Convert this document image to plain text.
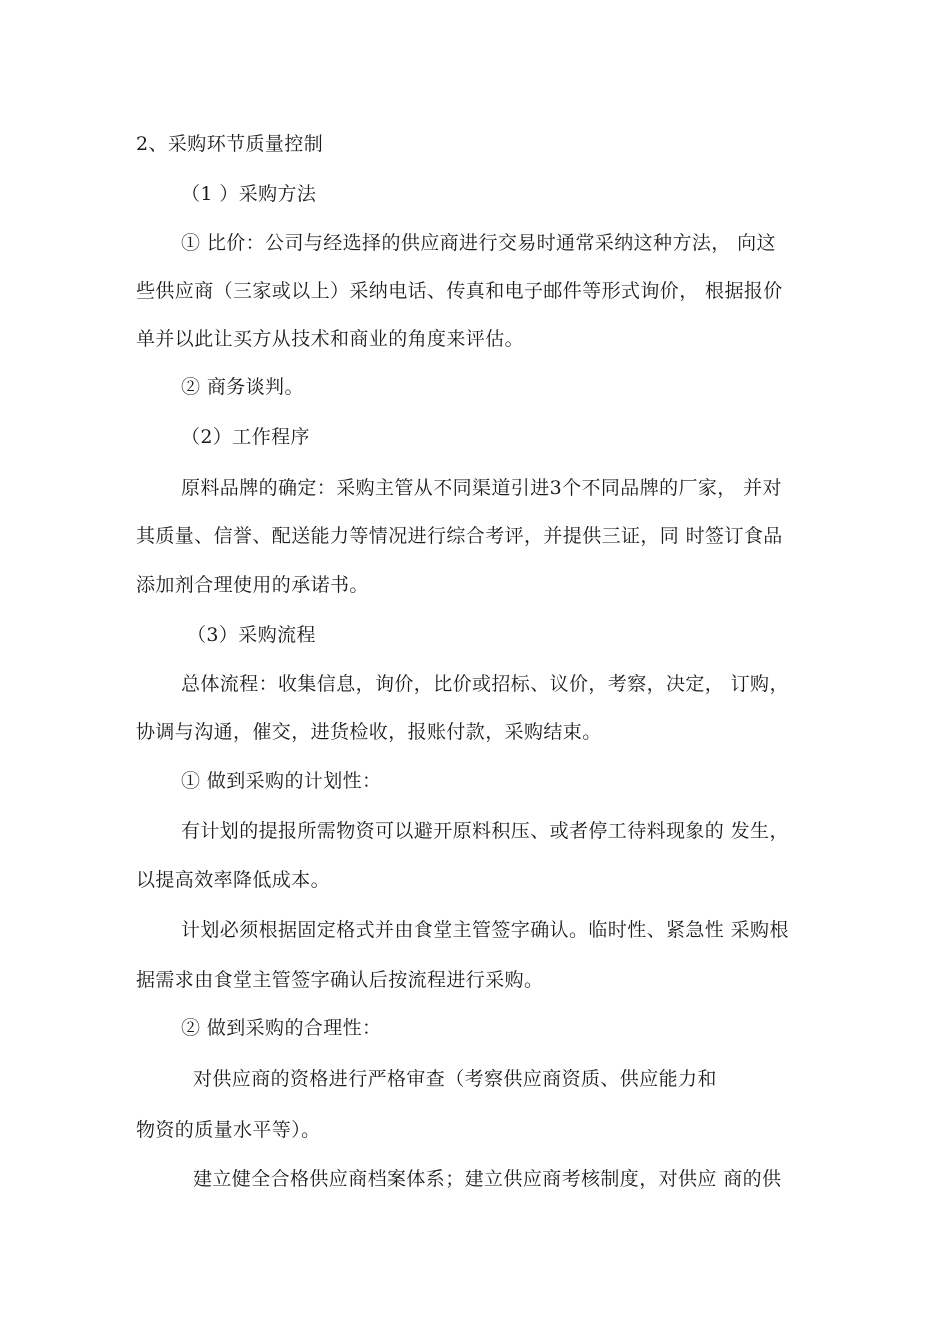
2、采购环节质量控制
（1 ）采购方法
① 比价：公司与经选择的供应商进行交易时通常采纳这种方法， 向这
些供应商（三家或以上）采纳电话、传真和电子邮件等形式询价， 根据报价
单并以此让买方从技术和商业的角度来评估。
② 商务谈判。
（2）工作程序
原料品牌的确定：采购主管从不同渠道引进3个不同品牌的厂家， 并对
其质量、信誉、配送能力等情况进行综合考评，并提供三证，同 时签订食品
添加剂合理使用的承诺书。
（3）采购流程
总体流程：收集信息，询价，比价或招标、议价，考察，决定， 订购，
协调与沟通，催交，进货检收，报账付款，采购结束。
① 做到采购的计划性：
有计划的提报所需物资可以避开原料积压、或者停工待料现象的 发生，
以提高效率降低成本。
计划必须根据固定格式并由食堂主管签字确认。临时性、紧急性 采购根
据需求由食堂主管签字确认后按流程进行采购。
② 做到采购的合理性：
对供应商的资格进行严格审查（考察供应商资质、供应能力和
物资的质量水平等）。
建立健全合格供应商档案体系；建立供应商考核制度，对供应 商的供
